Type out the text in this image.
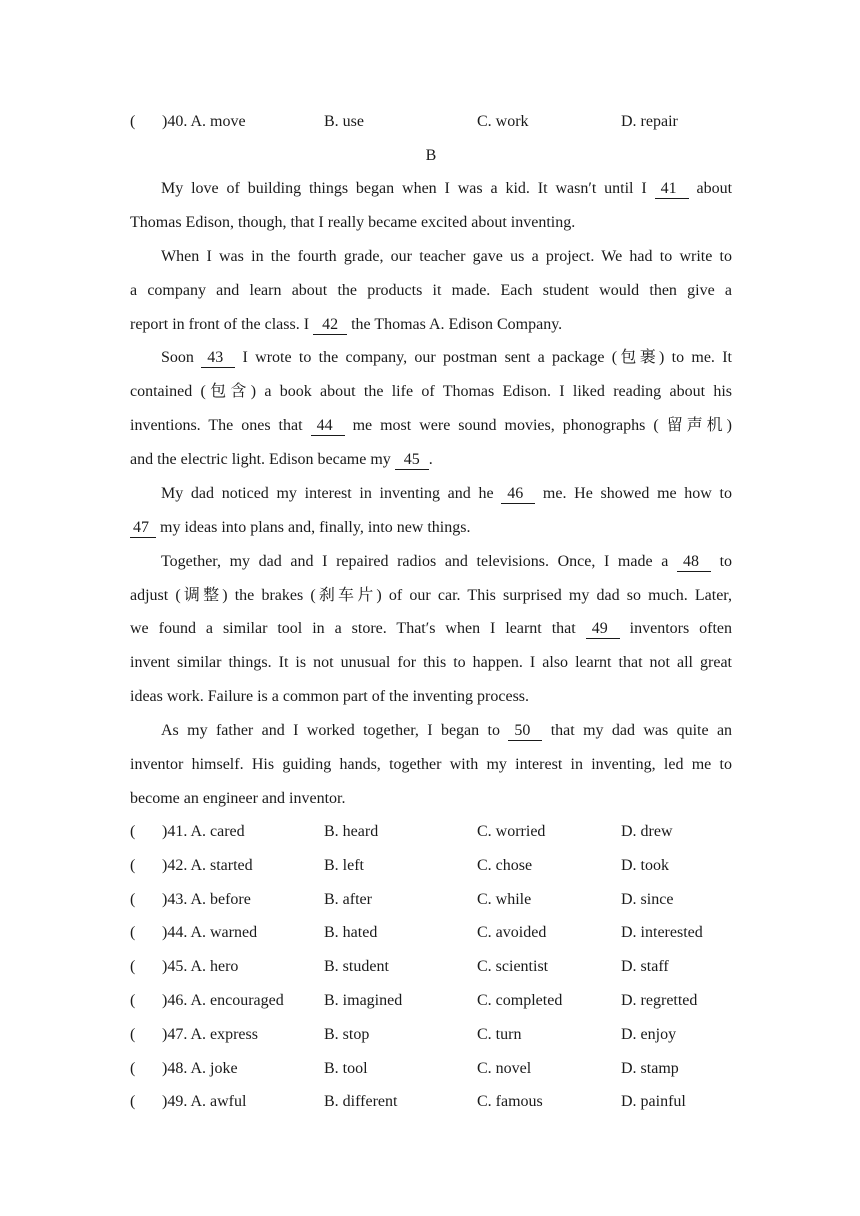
( )40. A. move	B. use	C. work	D. repair
B
My love of building things began when I was a kid. It wasn′t until I 41 about
Thomas Edison, though, that I really became excited about inventing.
When I was in the fourth grade, our teacher gave us a project. We had to write to
a company and learn about the products it made. Each student would then give a
report in front of the class. I 42 the Thomas A. Edison Company.
Soon 43 I wrote to the company, our postman sent a package (包裹) to me. It
contained (包含) a book about the life of Thomas Edison. I liked reading about his
inventions. The ones that 44 me most were sound movies, phonographs ( 留声机)
and the electric light. Edison became my 45 .
My dad noticed my interest in inventing and he 46 me. He showed me how to
47 my ideas into plans and, finally, into new things.
Together, my dad and I repaired radios and televisions. Once, I made a 48 to
adjust (调整) the brakes (刹车片) of our car. This surprised my dad so much. Later,
we found a similar tool in a store. That′s when I learnt that 49 inventors often
invent similar things. It is not unusual for this to happen. I also learnt that not all great
ideas work. Failure is a common part of the inventing process.
As my father and I worked together, I began to 50 that my dad was quite an
inventor himself. His guiding hands, together with my interest in inventing, led me to
become an engineer and inventor.
( )41. A. cared	B. heard	C. worried	D. drew
( )42. A. started	B. left	C. chose	D. took
( )43. A. before	B. after	C. while	D. since
( )44. A. warned	B. hated	C. avoided	D. interested
( )45. A. hero	B. student	C. scientist	D. staff
( )46. A. encouraged	B. imagined	C. completed	D. regretted
( )47. A. express	B. stop	C. turn	D. enjoy
( )48. A. joke	B. tool	C. novel	D. stamp
( )49. A. awful	B. different	C. famous	D. painful
